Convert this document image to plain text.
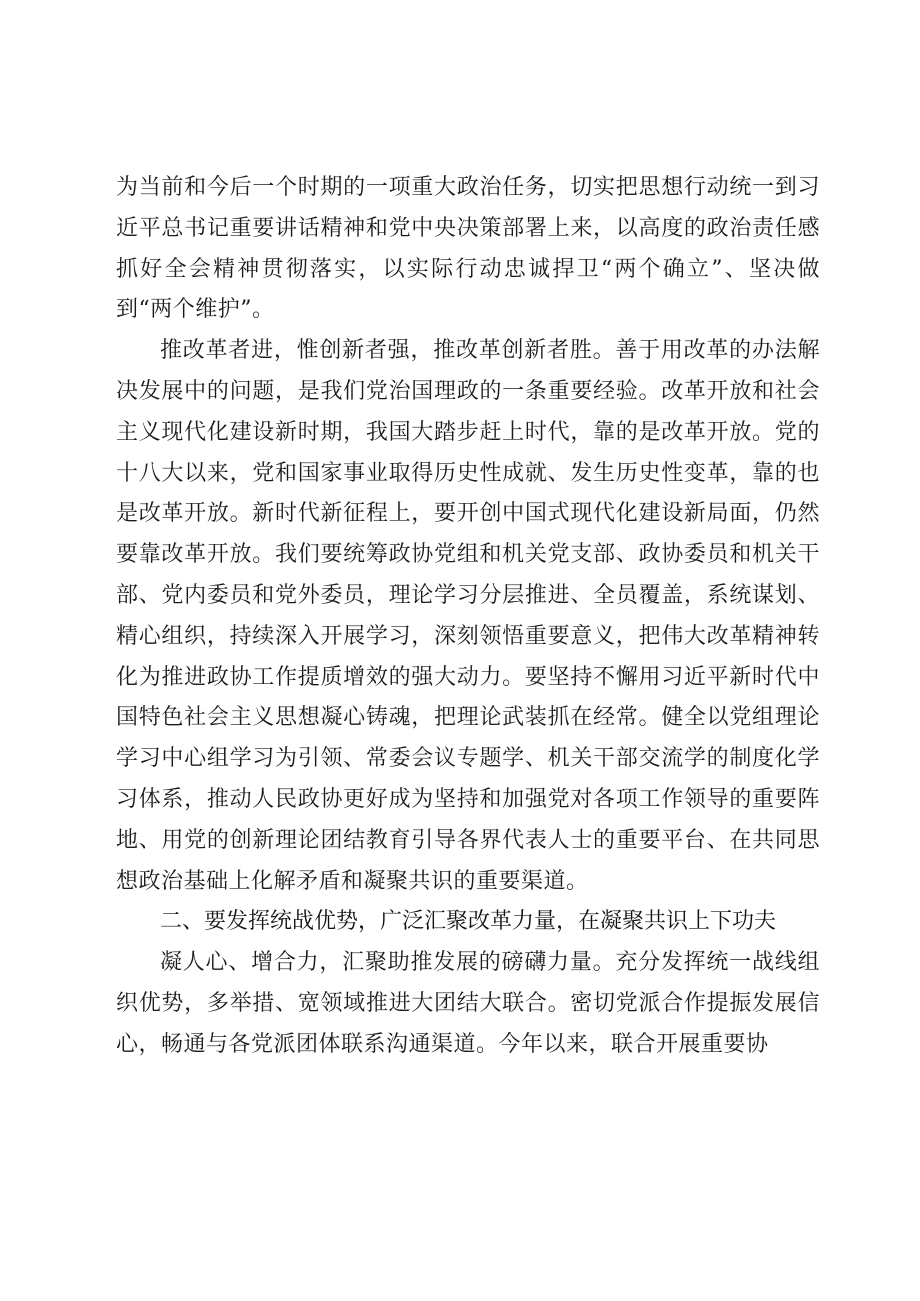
为当前和今后一个时期的一项重大政治任务，切实把思想行动统一到习近平总书记重要讲话精神和党中央决策部署上来，以高度的政治责任感抓好全会精神贯彻落实，以实际行动忠诚捍卫“两个确立”、坚决做到“两个维护”。

推改革者进，惟创新者强，推改革创新者胜。善于用改革的办法解决发展中的问题，是我们党治国理政的一条重要经验。改革开放和社会主义现代化建设新时期，我国大踏步赶上时代，靠的是改革开放。党的十八大以来，党和国家事业取得历史性成就、发生历史性变革，靠的也是改革开放。新时代新征程上，要开创中国式现代化建设新局面，仍然要靠改革开放。我们要统筹政协党组和机关党支部、政协委员和机关干部、党内委员和党外委员，理论学习分层推进、全员覆盖，系统谋划、精心组织，持续深入开展学习，深刻领悟重要意义，把伟大改革精神转化为推进政协工作提质增效的强大动力。要坚持不懈用习近平新时代中国特色社会主义思想凝心铸魂，把理论武装抓在经常。健全以党组理论学习中心组学习为引领、常委会议专题学、机关干部交流学的制度化学习体系，推动人民政协更好成为坚持和加强党对各项工作领导的重要阵地、用党的创新理论团结教育引导各界代表人士的重要平台、在共同思想政治基础上化解矛盾和凝聚共识的重要渠道。

二、要发挥统战优势，广泛汇聚改革力量，在凝聚共识上下功夫

凝人心、增合力，汇聚助推发展的磅礴力量。充分发挥统一战线组织优势，多举措、宽领域推进大团结大联合。密切党派合作提振发展信心，畅通与各党派团体联系沟通渠道。今年以来，联合开展重要协
